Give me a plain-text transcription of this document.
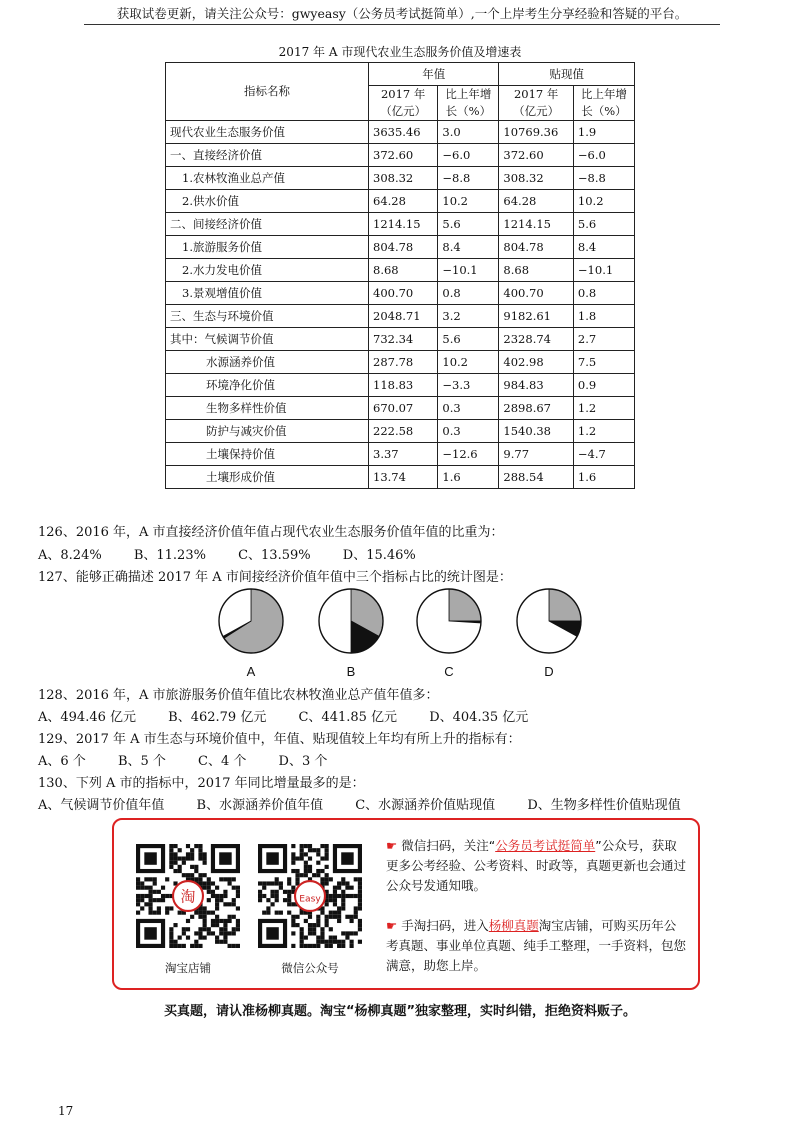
获取试卷更新，请关注公众号：gwyeasy（公务员考试挺简单）,一个上岸考生分享经验和答疑的平台。
2017 年 A 市现代农业生态服务价值及增速表
指标名称	年值		贴现值	
	2017 年（亿元）	比上年增长（%）	2017 年（亿元）	比上年增长（%）
现代农业生态服务价值	3635.46	3.0	10769.36	1.9
一、直接经济价值	372.60	−6.0	372.60	−6.0
1.农林牧渔业总产值	308.32	−8.8	308.32	−8.8
2.供水价值	64.28	10.2	64.28	10.2
二、间接经济价值	1214.15	5.6	1214.15	5.6
1.旅游服务价值	804.78	8.4	804.78	8.4
2.水力发电价值	8.68	−10.1	8.68	−10.1
3.景观增值价值	400.70	0.8	400.70	0.8
三、生态与环境价值	2048.71	3.2	9182.61	1.8
其中：气候调节价值	732.34	5.6	2328.74	2.7
水源涵养价值	287.78	10.2	402.98	7.5
环境净化价值	118.83	−3.3	984.83	0.9
生物多样性价值	670.07	0.3	2898.67	1.2
防护与减灾价值	222.58	0.3	1540.38	1.2
土壤保持价值	3.37	−12.6	9.77	−4.7
土壤形成价值	13.74	1.6	288.54	1.6
126、2016 年，A 市直接经济价值年值占现代农业生态服务价值年值的比重为：
A、8.24% B、11.23% C、13.59% D、15.46%
127、能够正确描述 2017 年 A 市间接经济价值年值中三个指标占比的统计图是：
A	B	C	D
128、2016 年，A 市旅游服务价值年值比农林牧渔业总产值年值多：
A、494.46 亿元 B、462.79 亿元 C、441.85 亿元 D、404.35 亿元
129、2017 年 A 市生态与环境价值中，年值、贴现值较上年均有所上升的指标有：
A、6 个 B、5 个 C、4 个 D、3 个
130、下列 A 市的指标中，2017 年同比增量最多的是：
A、气候调节价值年值 B、水源涵养价值年值 C、水源涵养价值贴现值 D、生物多样性价值贴现值
淘
淘宝店铺
Easy
微信公众号
☛ 微信扫码，关注“公务员考试挺简单”公众号，获取更多公考经验、公考资料、时政等，真题更新也会通过公众号发通知哦。
☛ 手淘扫码，进入杨柳真题淘宝店铺，可购买历年公考真题、事业单位真题、纯手工整理，一手资料，包您满意，助您上岸。
买真题，请认准杨柳真题。淘宝“杨柳真题”独家整理，实时纠错，拒绝资料贩子。
17
